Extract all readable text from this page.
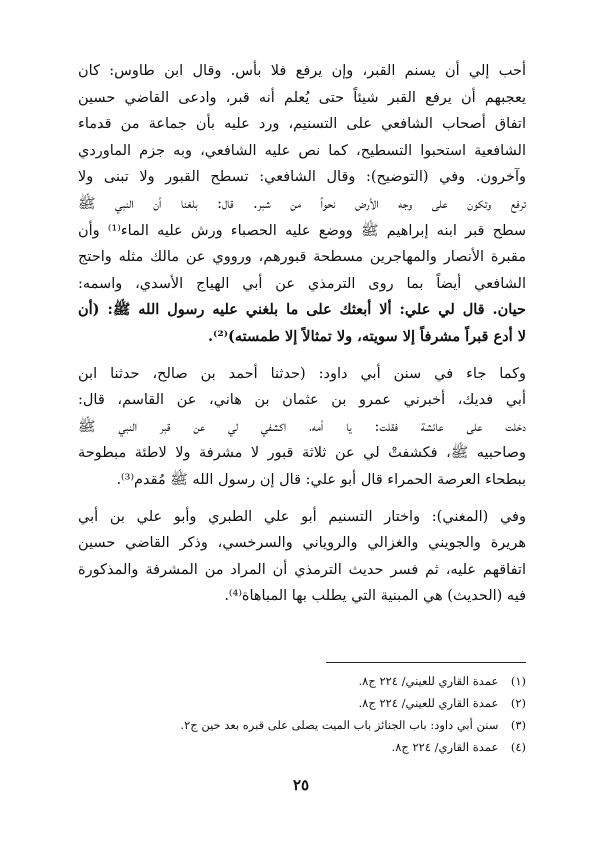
أحب إلي أن يسنم القبر، وإن يرفع فلا بأس. وقال ابن طاوس: كان
يعجبهم أن يرفع القبر شيئاً حتى يُعلم أنه قبر، وادعى القاضي حسين
اتفاق أصحاب الشافعي على التسنيم، ورد عليه بأن جماعة من قدماء
الشافعية استحبوا التسطيح، كما نص عليه الشافعي، وبه جزم الماوردي
وآخرون. وفي (التوضيح): وقال الشافعي: تسطح القبور ولا تبنى ولا
ترفع وتكون على وجه الأرض نحواً من شبر. قال: بلغنا أن النبي ﷺ
سطح قبر ابنه إبراهيم ﷺ ووضع عليه الحصباء ورش عليه الماء⁽¹⁾ وأن
مقبرة الأنصار والمهاجرين مسطحة قبورهم، ورووي عن مالك مثله واحتج
الشافعي أيضاً بما روى الترمذي عن أبي الهياج الأسدي، واسمه:
حيان. قال لي علي: ألا أبعثك على ما بلغني عليه رسول الله ﷺ: (أن
لا أدع قبراً مشرفاً إلا سويته، ولا تمثالاً إلا طمسته)⁽²⁾.
وكما جاء في سنن أبي داود: (حدثنا أحمد بن صالح، حدثنا ابن
أبي فديك، أخبرني عمرو بن عثمان بن هاني، عن القاسم، قال:
دخلت على عائشة فقلت: يا أمه، اكشفي لي عن قبر النبي ﷺ
وصاحبيه ﷺ، فكشفتْ لي عن ثلاثة قبور لا مشرفة ولا لاطئة مبطوحة
ببطحاء العرصة الحمراء قال أبو علي: قال إن رسول الله ﷺ مُقدم⁽³⁾.
وفي (المغني): واختار التسنيم أبو علي الطبري وأبو علي بن أبي
هريرة والجويني والغزالي والروياني والسرخسي، وذكر القاضي حسين
اتفاقهم عليه، ثم فسر حديث الترمذي أن المراد من المشرفة والمذكورة
فيه (الحديث) هي المبنية التي يطلب بها المباهاة⁽⁴⁾.
(١) عمدة القاري للعيني/ ٢٢٤ ج٨.
(٢) عمدة القاري للعيني/ ٢٢٤ ج٨.
(٣) سنن أبي داود: باب الجنائز باب الميت يصلى على قبره بعد حين ج٢.
(٤) عمدة القاري/ ٢٢٤ ج٨.
٢٥
